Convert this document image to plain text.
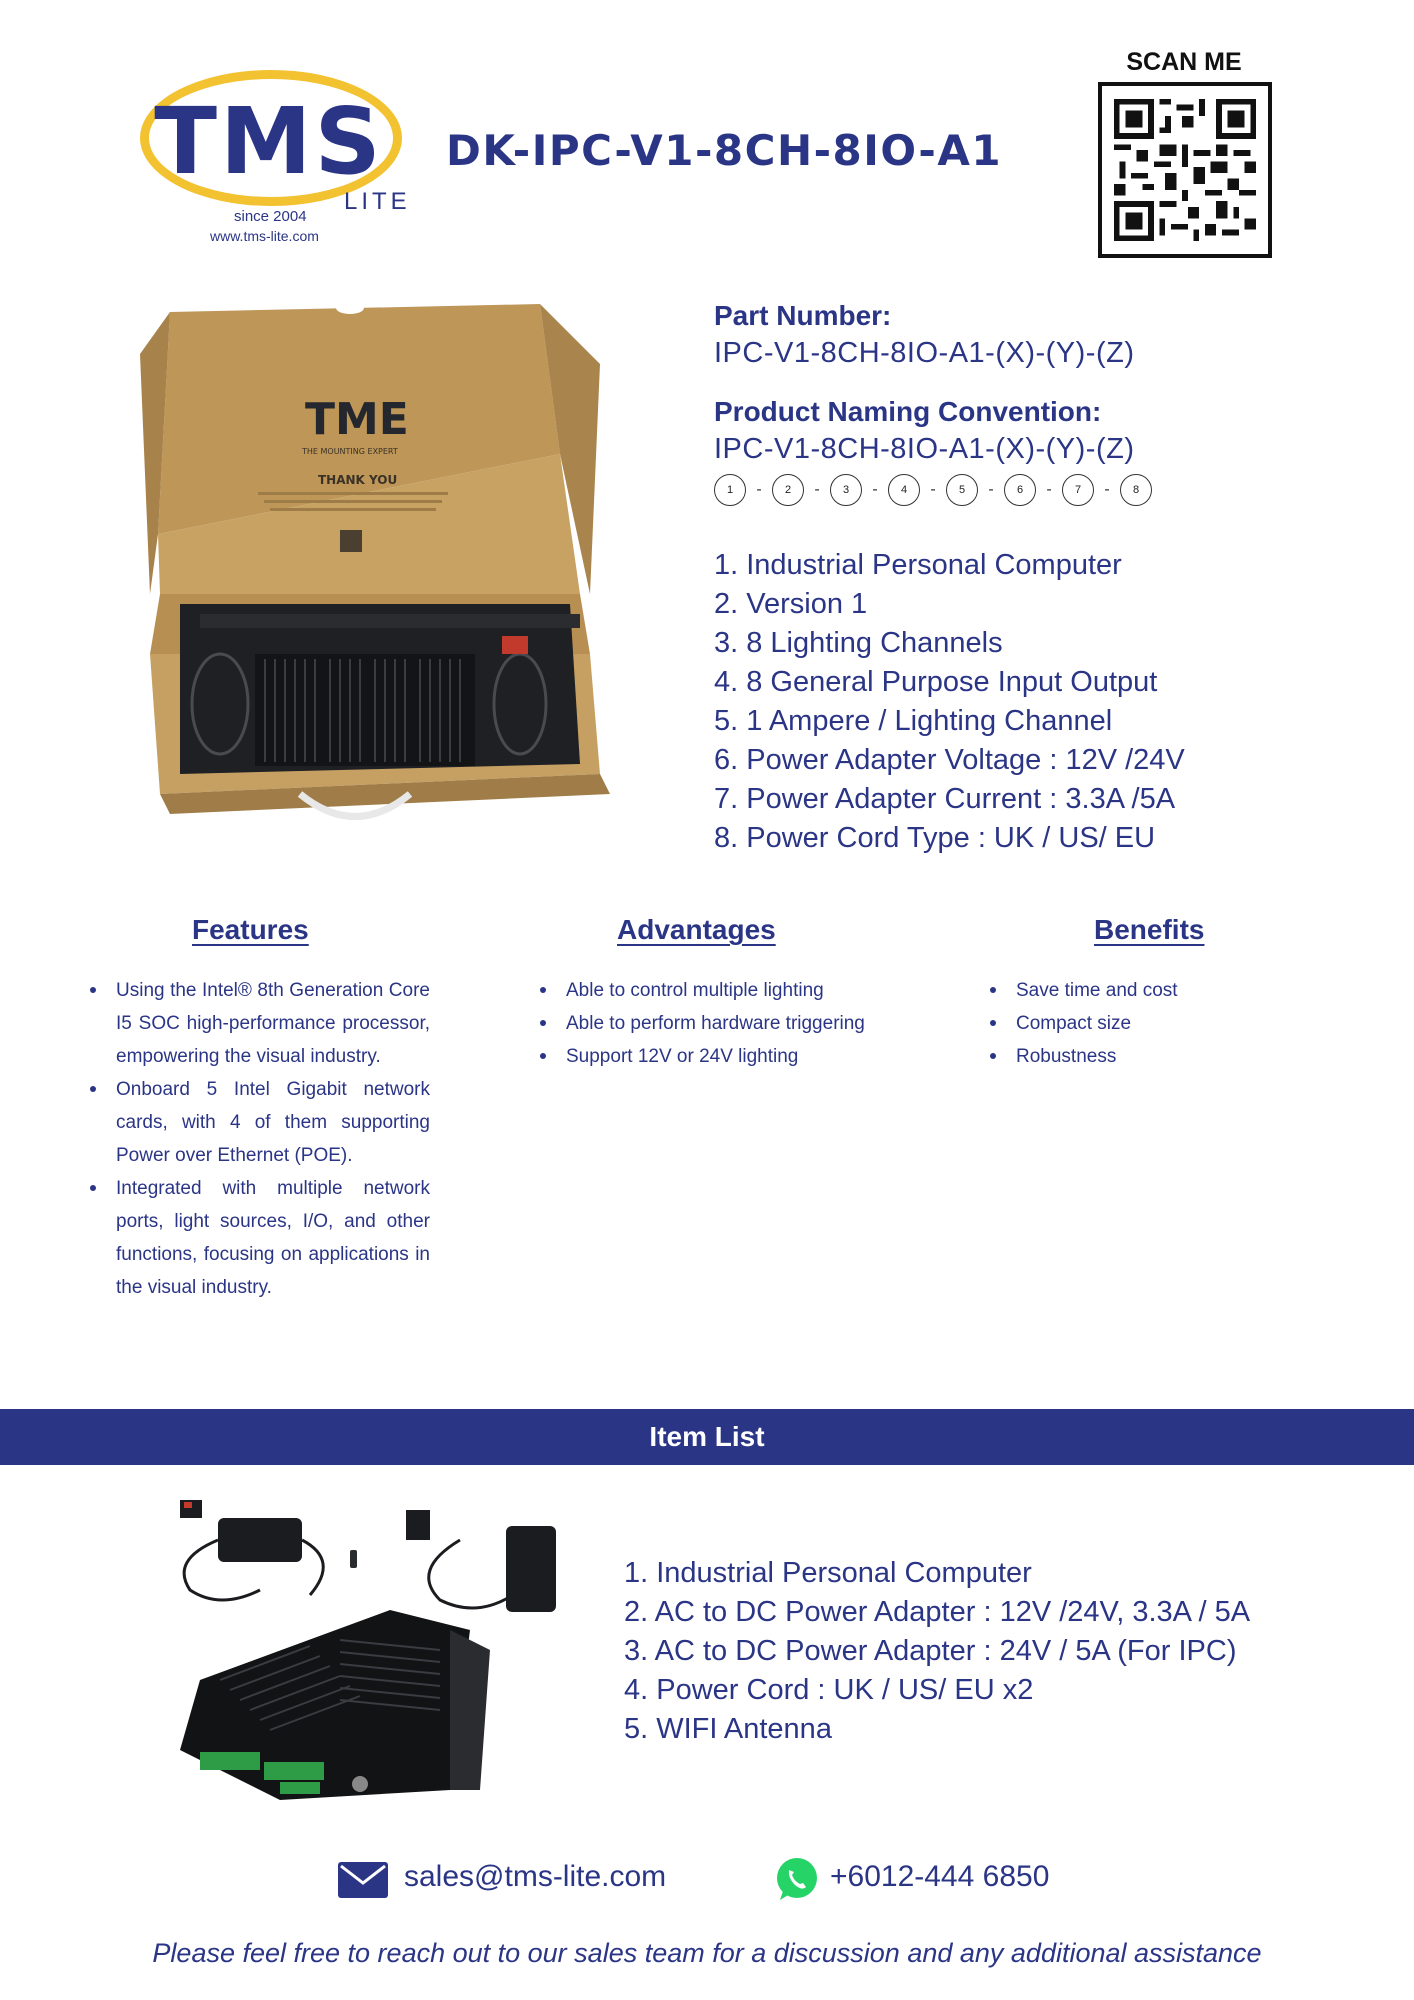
TMS
LITE
since 2004
www.tms-lite.com
DK-IPC-V1-8CH-8IO-A1
SCAN ME
TME
THE MOUNTING EXPERT
THANK YOU
Part Number:
IPC-V1-8CH-8IO-A1-(X)-(Y)-(Z)
Product Naming Convention:
IPC-V1-8CH-8IO-A1-(X)-(Y)-(Z)
1	-	2	-	3	-	4	-	5	-	6	-	7	-	8
1. Industrial Personal Computer
2. Version 1
3. 8 Lighting Channels
4. 8 General Purpose Input Output
5. 1 Ampere / Lighting Channel
6. Power Adapter Voltage : 12V /24V
7. Power Adapter Current : 3.3A /5A
8. Power Cord Type : UK / US/ EU
Features
Using the Intel® 8th Generation Core I5 SOC high-performance processor, empowering the visual industry.
Onboard 5 Intel Gigabit network cards, with 4 of them supporting Power over Ethernet (POE).
Integrated with multiple network ports, light sources, I/O, and other functions, focusing on applications in the visual industry.
Advantages
Able to control multiple lighting
Able to perform hardware triggering
Support 12V or 24V lighting
Benefits
Save time and cost
Compact size
Robustness
Item List
1. Industrial Personal Computer
2. AC to DC Power Adapter : 12V /24V, 3.3A / 5A
3. AC to DC Power Adapter : 24V / 5A (For IPC)
4. Power Cord : UK / US/ EU x2
5. WIFI Antenna
sales@tms-lite.com	+6012-444 6850
Please feel free to reach out to our sales team for a discussion and any additional assistance
